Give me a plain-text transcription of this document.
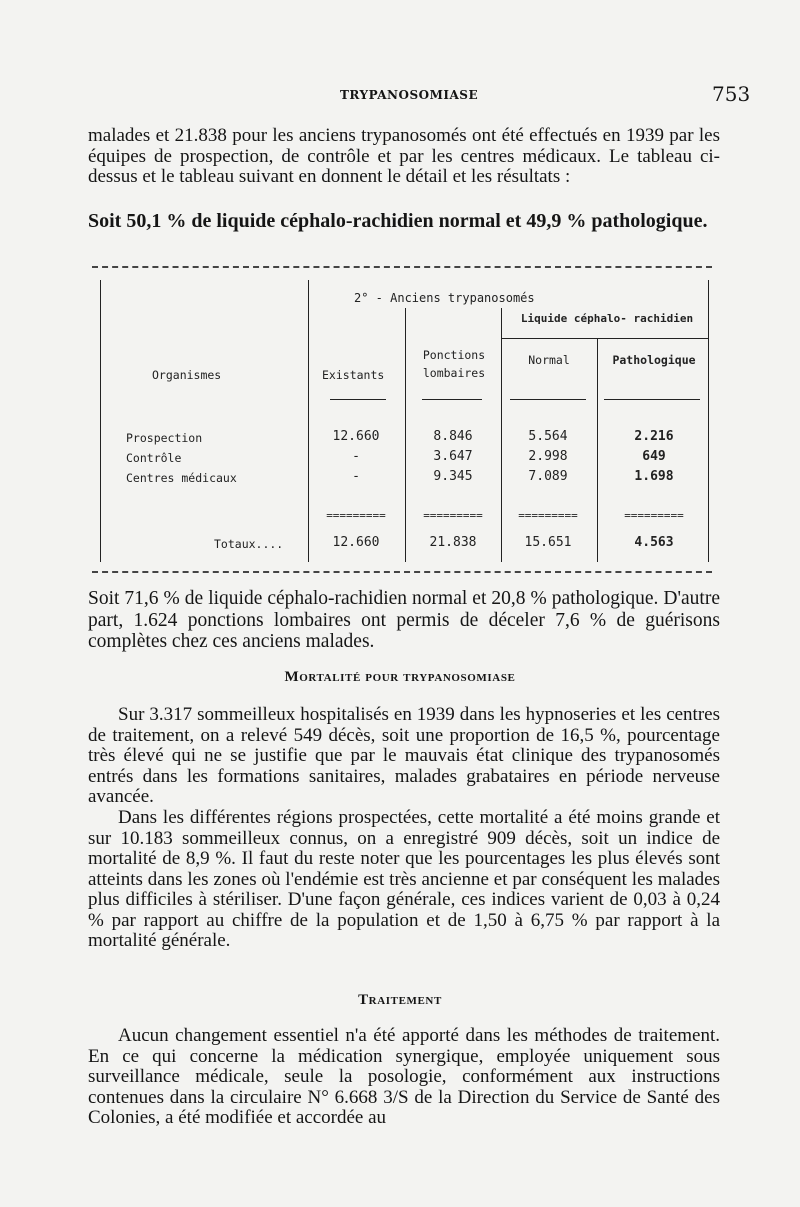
TRYPANOSOMIASE	753

malades et 21.838 pour les anciens trypanosomés ont été effectués en 1939 par les équipes de prospection, de contrôle et par les centres médicaux. Le tableau ci-dessus et le tableau suivant en donnent le détail et les résultats :

Soit 50,1 % de liquide céphalo-rachidien normal et 49,9 % pathologique.

2° - Anciens trypanosomés
Liquide céphalo- rachidien
Organismes	Existants
Ponctions lombaires
Normal	Pathologique
Prospection	12.660	8.846	5.564	2.216
Contrôle	-	3.647	2.998	649
Centres médicaux	-	9.345	7.089	1.698
=========	=========	=========	=========
Totaux....	12.660	21.838	15.651	4.563

Soit 71,6 % de liquide céphalo-rachidien normal et 20,8 % pathologique. D'autre part, 1.624 ponctions lombaires ont permis de déceler 7,6 % de guérisons complètes chez ces anciens malades.

Mortalité pour trypanosomiase

Sur 3.317 sommeilleux hospitalisés en 1939 dans les hypnoseries et les centres de traitement, on a relevé 549 décès, soit une proportion de 16,5 %, pourcentage très élevé qui ne se justifie que par le mauvais état clinique des trypanosomés entrés dans les formations sanitaires, malades grabataires en période nerveuse avancée.

Dans les différentes régions prospectées, cette mortalité a été moins grande et sur 10.183 sommeilleux connus, on a enregistré 909 décès, soit un indice de mortalité de 8,9 %. Il faut du reste noter que les pourcentages les plus élevés sont atteints dans les zones où l'endémie est très ancienne et par conséquent les malades plus difficiles à stériliser. D'une façon générale, ces indices varient de 0,03 à 0,24 % par rapport au chiffre de la population et de 1,50 à 6,75 % par rapport à la mortalité générale.

Traitement

Aucun changement essentiel n'a été apporté dans les méthodes de traitement. En ce qui concerne la médication synergique, employée uniquement sous surveillance médicale, seule la posologie, conformément aux instructions contenues dans la circulaire N° 6.668 3/S de la Direction du Service de Santé des Colonies, a été modifiée et accordée au
